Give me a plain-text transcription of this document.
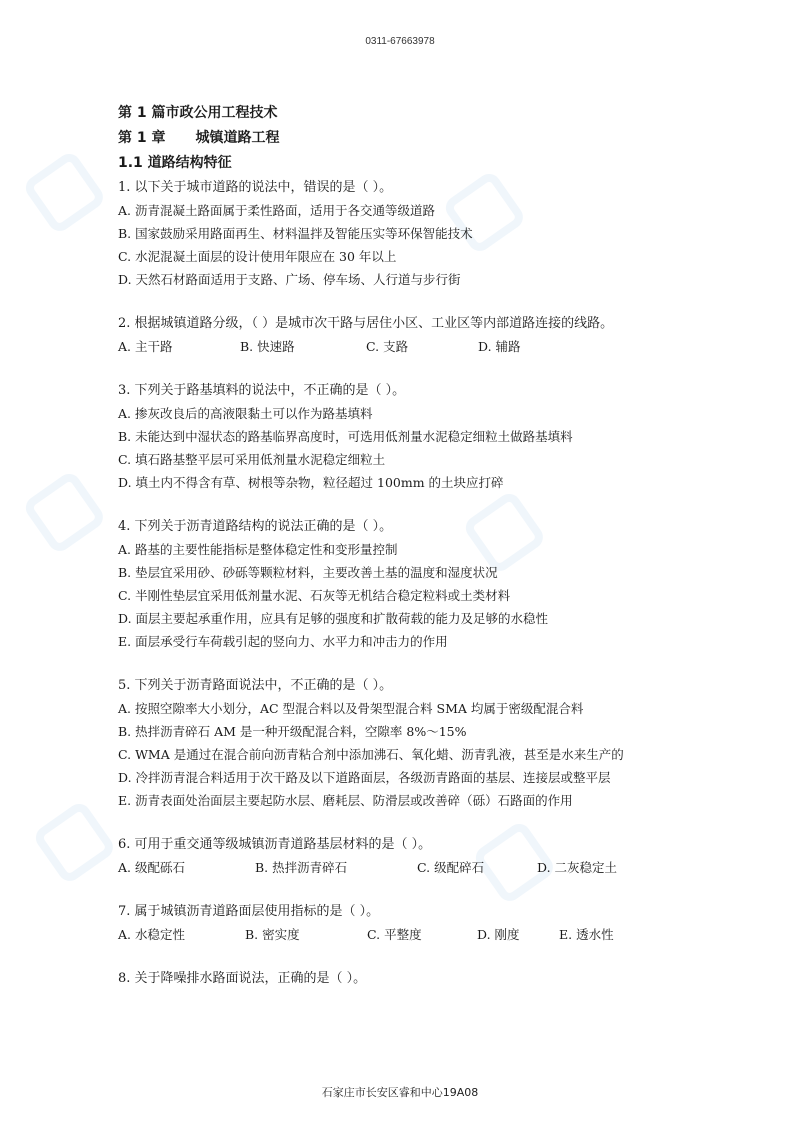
0311-67663978
第 1 篇市政公用工程技术
第 1 章 城镇道路工程
1.1 道路结构特征
1. 以下关于城市道路的说法中，错误的是（ ）。
A. 沥青混凝土路面属于柔性路面，适用于各交通等级道路
B. 国家鼓励采用路面再生、材料温拌及智能压实等环保智能技术
C. 水泥混凝土面层的设计使用年限应在 30 年以上
D. 天然石材路面适用于支路、广场、停车场、人行道与步行街
2. 根据城镇道路分级，（ ）是城市次干路与居住小区、工业区等内部道路连接的线路。
A. 主干路	B. 快速路	C. 支路	D. 辅路
3. 下列关于路基填料的说法中，不正确的是（ ）。
A. 掺灰改良后的高液限黏土可以作为路基填料
B. 未能达到中湿状态的路基临界高度时，可选用低剂量水泥稳定细粒土做路基填料
C. 填石路基整平层可采用低剂量水泥稳定细粒土
D. 填土内不得含有草、树根等杂物，粒径超过 100mm 的土块应打碎
4. 下列关于沥青道路结构的说法正确的是（ ）。
A. 路基的主要性能指标是整体稳定性和变形量控制
B. 垫层宜采用砂、砂砾等颗粒材料，主要改善土基的温度和湿度状况
C. 半刚性垫层宜采用低剂量水泥、石灰等无机结合稳定粒料或土类材料
D. 面层主要起承重作用，应具有足够的强度和扩散荷载的能力及足够的水稳性
E. 面层承受行车荷载引起的竖向力、水平力和冲击力的作用
5. 下列关于沥青路面说法中，不正确的是（ ）。
A. 按照空隙率大小划分，AC 型混合料以及骨架型混合料 SMA 均属于密级配混合料
B. 热拌沥青碎石 AM 是一种开级配混合料，空隙率 8%～15%
C. WMA 是通过在混合前向沥青粘合剂中添加沸石、氧化蜡、沥青乳液，甚至是水来生产的
D. 冷拌沥青混合料适用于次干路及以下道路面层，各级沥青路面的基层、连接层或整平层
E. 沥青表面处治面层主要起防水层、磨耗层、防滑层或改善碎（砾）石路面的作用
6. 可用于重交通等级城镇沥青道路基层材料的是（ ）。
A. 级配砾石	B. 热拌沥青碎石	C. 级配碎石	D. 二灰稳定土
7. 属于城镇沥青道路面层使用指标的是（ ）。
A. 水稳定性	B. 密实度	C. 平整度	D. 刚度	E. 透水性
8. 关于降噪排水路面说法，正确的是（ ）。
石家庄市长安区睿和中心19A08
